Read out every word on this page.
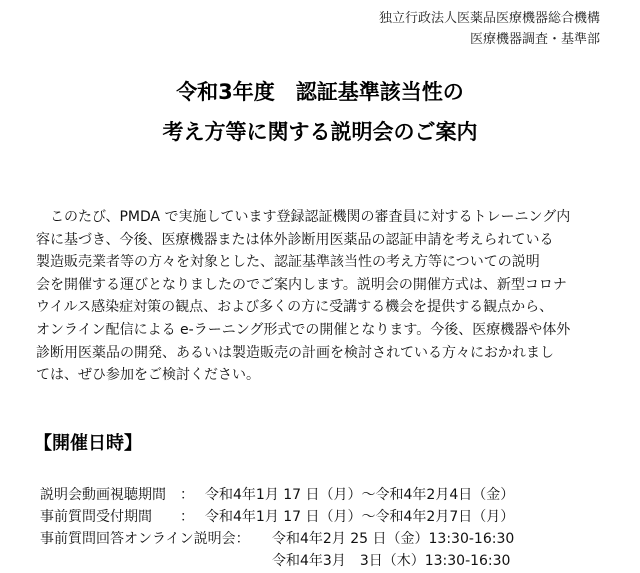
独立行政法人医薬品医療機器総合機構
医療機器調査・基準部
令和3年度　認証基準該当性の
考え方等に関する説明会のご案内
　このたび、PMDA で実施しています登録認証機関の審査員に対するトレーニング内
容に基づき、今後、医療機器または体外診断用医薬品の認証申請を考えられている
製造販売業者等の方々を対象とした、認証基準該当性の考え方等についての説明
会を開催する運びとなりましたのでご案内します。説明会の開催方式は、新型コロナ
ウイルス感染症対策の観点、および多くの方に受講する機会を提供する観点から、
オンライン配信による e-ラーニング形式での開催となります。今後、医療機器や体外
診断用医薬品の開発、あるいは製造販売の計画を検討されている方々におかれまし
ては、ぜひ参加をご検討ください。
【開催日時】
説明会動画視聴期間　： 令和4年1月 17 日（月）～令和4年2月4日（金）
事前質問受付期間　　： 令和4年1月 17 日（月）～令和4年2月7日（月）
事前質問回答オンライン説明会： 令和4年2月 25 日（金）13:30-16:30
令和4年3月　3日（木）13:30-16:30
